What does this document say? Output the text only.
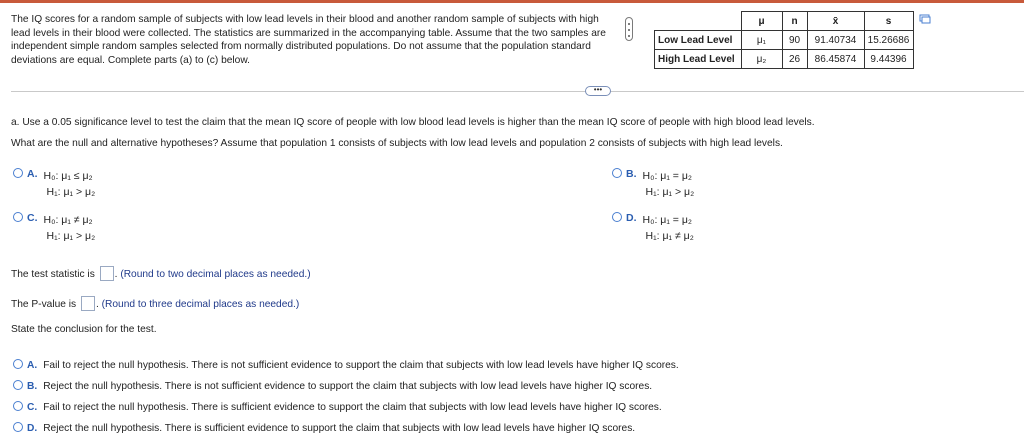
The IQ scores for a random sample of subjects with low lead levels in their blood and another random sample of subjects with high lead levels in their blood were collected. The statistics are summarized in the accompanying table. Assume that the two samples are independent simple random samples selected from normally distributed populations. Do not assume that the population standard deviations are equal. Complete parts (a) to (c) below.
	μ	n	x̄	s
Low Lead Level	μ₁	90	91.40734	15.26686
High Lead Level	μ₂	26	86.45874	9.44396
•••
a. Use a 0.05 significance level to test the claim that the mean IQ score of people with low blood lead levels is higher than the mean IQ score of people with high blood lead levels.
What are the null and alternative hypotheses? Assume that population 1 consists of subjects with low lead levels and population 2 consists of subjects with high lead levels.
A. H₀: μ₁ ≤ μ₂
H₁: μ₁ > μ₂
B. H₀: μ₁ = μ₂
H₁: μ₁ > μ₂
C. H₀: μ₁ ≠ μ₂
H₁: μ₁ > μ₂
D. H₀: μ₁ = μ₂
H₁: μ₁ ≠ μ₂
The test statistic is . (Round to two decimal places as needed.)
The P-value is . (Round to three decimal places as needed.)
State the conclusion for the test.
A. Fail to reject the null hypothesis. There is not sufficient evidence to support the claim that subjects with low lead levels have higher IQ scores.
B. Reject the null hypothesis. There is not sufficient evidence to support the claim that subjects with low lead levels have higher IQ scores.
C. Fail to reject the null hypothesis. There is sufficient evidence to support the claim that subjects with low lead levels have higher IQ scores.
D. Reject the null hypothesis. There is sufficient evidence to support the claim that subjects with low lead levels have higher IQ scores.
